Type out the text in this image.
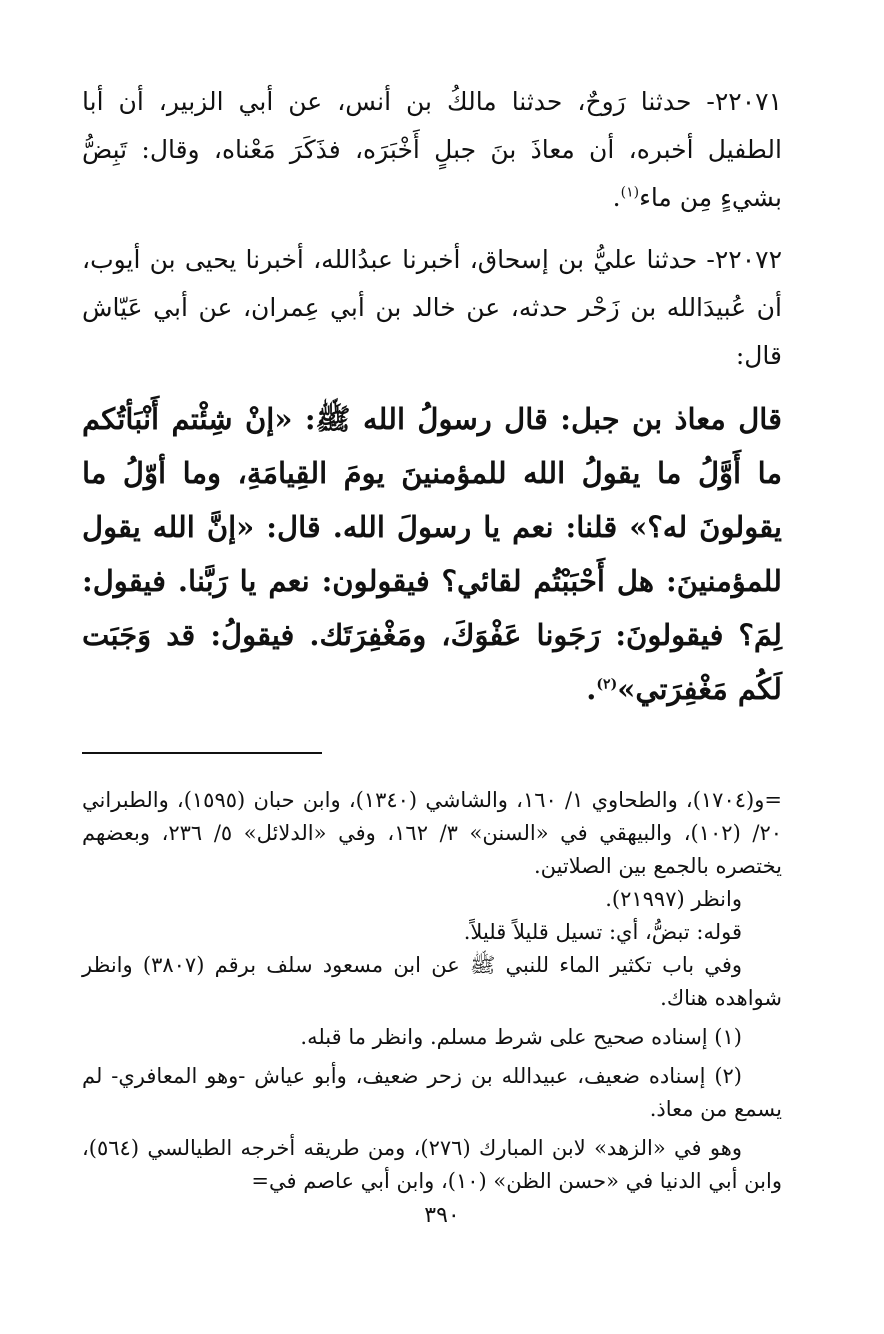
٢٢٠٧١- حدثنا رَوحٌ، حدثنا مالكُ بن أنس، عن أبي الزبير، أن أبا الطفيل أخبره، أن معاذَ بنَ جبلٍ أَخْبَرَه، فذَكَرَ مَعْناه، وقال: تَبِضُّ بشيءٍ مِن ماء$^{(١)}$.

٢٢٠٧٢- حدثنا عليُّ بن إسحاق، أخبرنا عبدُالله، أخبرنا يحيى بن أيوب، أن عُبيدَالله بن زَحْر حدثه، عن خالد بن أبي عِمران، عن أبي عَيّاش قال:

قال معاذ بن جبل: قال رسولُ الله ﷺ: «إنْ شِئْتم أَنْبَأتُكم ما أَوَّلُ ما يقولُ الله للمؤمنينَ يومَ القِيامَةِ، وما أوّلُ ما يقولونَ له؟» قلنا: نعم يا رسولَ الله. قال: «إنَّ الله يقول للمؤمنينَ: هل أَحْبَبْتُم لقائي؟ فيقولون: نعم يا رَبَّنا. فيقول: لِمَ؟ فيقولونَ: رَجَونا عَفْوَكَ، ومَغْفِرَتَك. فيقولُ: قد وَجَبَت لَكُم مَغْفِرَتي»$^{(٢)}$.

=و(١٧٠٤)، والطحاوي ١/ ١٦٠، والشاشي (١٣٤٠)، وابن حبان (١٥٩٥)، والطبراني ٢٠/ (١٠٢)، والبيهقي في «السنن» ٣/ ١٦٢، وفي «الدلائل» ٥/ ٢٣٦، وبعضهم يختصره بالجمع بين الصلاتين.

وانظر (٢١٩٩٧).

قوله: تبضُّ، أي: تسيل قليلاً قليلاً.

وفي باب تكثير الماء للنبي ﷺ عن ابن مسعود سلف برقم (٣٨٠٧) وانظر شواهده هناك.

(١) إسناده صحيح على شرط مسلم. وانظر ما قبله.

(٢) إسناده ضعيف، عبيدالله بن زحر ضعيف، وأبو عياش -وهو المعافري- لم يسمع من معاذ.

وهو في «الزهد» لابن المبارك (٢٧٦)، ومن طريقه أخرجه الطيالسي (٥٦٤)، وابن أبي الدنيا في «حسن الظن» (١٠)، وابن أبي عاصم في=

٣٩٠
